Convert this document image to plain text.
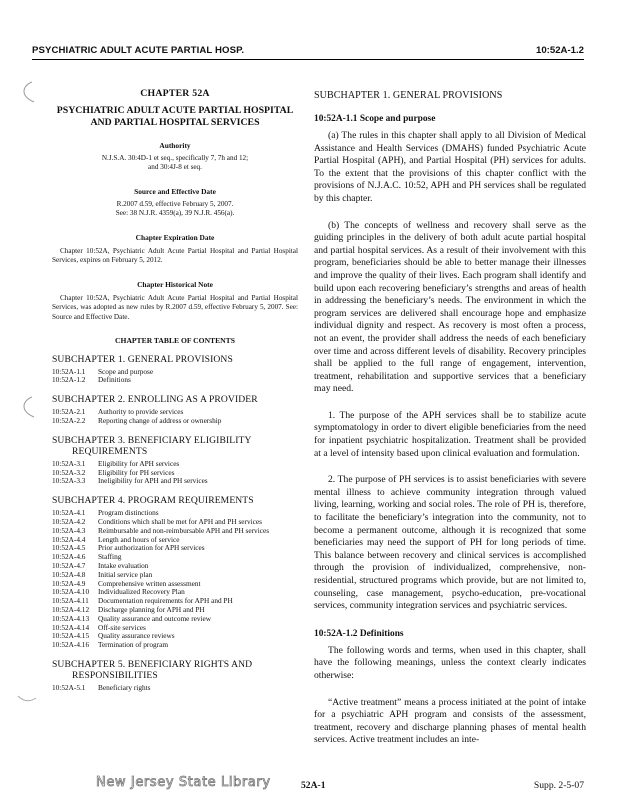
PSYCHIATRIC ADULT ACUTE PARTIAL HOSP.	10:52A-1.2
CHAPTER 52A
PSYCHIATRIC ADULT ACUTE PARTIAL HOSPITAL AND PARTIAL HOSPITAL SERVICES
Authority
N.J.S.A. 30:4D-1 et seq., specifically 7, 7h and 12;
and 30:4J-8 et seq.
Source and Effective Date
R.2007 d.59, effective February 5, 2007.
See: 38 N.J.R. 4359(a), 39 N.J.R. 456(a).
Chapter Expiration Date
Chapter 10:52A, Psychiatric Adult Acute Partial Hospital and Partial Hospital Services, expires on February 5, 2012.
Chapter Historical Note
Chapter 10:52A, Psychiatric Adult Acute Partial Hospital and Partial Hospital Services, was adopted as new rules by R.2007 d.59, effective February 5, 2007. See: Source and Effective Date.
CHAPTER TABLE OF CONTENTS
SUBCHAPTER 1. GENERAL PROVISIONS
10:52A-1.1	Scope and purpose
10:52A-1.2	Definitions
SUBCHAPTER 2. ENROLLING AS A PROVIDER
10:52A-2.1	Authority to provide services
10:52A-2.2	Reporting change of address or ownership
SUBCHAPTER 3. BENEFICIARY ELIGIBILITY
REQUIREMENTS
10:52A-3.1	Eligibility for APH services
10:52A-3.2	Eligibility for PH services
10:52A-3.3	Ineligibility for APH and PH services
SUBCHAPTER 4. PROGRAM REQUIREMENTS
10:52A-4.1	Program distinctions
10:52A-4.2	Conditions which shall be met for APH and PH services
10:52A-4.3	Reimbursable and non-reimbursable APH and PH services
10:52A-4.4	Length and hours of service
10:52A-4.5	Prior authorization for APH services
10:52A-4.6	Staffing
10:52A-4.7	Intake evaluation
10:52A-4.8	Initial service plan
10:52A-4.9	Comprehensive written assessment
10:52A-4.10	Individualized Recovery Plan
10:52A-4.11	Documentation requirements for APH and PH
10:52A-4.12	Discharge planning for APH and PH
10:52A-4.13	Quality assurance and outcome review
10:52A-4.14	Off-site services
10:52A-4.15	Quality assurance reviews
10:52A-4.16	Termination of program
SUBCHAPTER 5. BENEFICIARY RIGHTS AND
RESPONSIBILITIES
10:52A-5.1	Beneficiary rights
SUBCHAPTER 1. GENERAL PROVISIONS
10:52A-1.1 Scope and purpose
(a) The rules in this chapter shall apply to all Division of Medical Assistance and Health Services (DMAHS) funded Psychiatric Acute Partial Hospital (APH), and Partial Hospital (PH) services for adults. To the extent that the provisions of this chapter conflict with the provisions of N.J.A.C. 10:52, APH and PH services shall be regulated by this chapter.
(b) The concepts of wellness and recovery shall serve as the guiding principles in the delivery of both adult acute partial hospital and partial hospital services. As a result of their involvement with this program, beneficiaries should be able to better manage their illnesses and improve the quality of their lives. Each program shall identify and build upon each recovering beneficiary’s strengths and areas of health in addressing the beneficiary’s needs. The environment in which the program services are delivered shall encourage hope and emphasize individual dignity and respect. As recovery is most often a process, not an event, the provider shall address the needs of each beneficiary over time and across different levels of disability. Recovery principles shall be applied to the full range of engagement, intervention, treatment, rehabilitation and supportive services that a beneficiary may need.
1. The purpose of the APH services shall be to stabilize acute symptomatology in order to divert eligible beneficiaries from the need for inpatient psychiatric hospitalization. Treatment shall be provided at a level of intensity based upon clinical evaluation and formulation.
2. The purpose of PH services is to assist beneficiaries with severe mental illness to achieve community integration through valued living, learning, working and social roles. The role of PH is, therefore, to facilitate the beneficiary’s integration into the community, not to become a permanent outcome, although it is recognized that some beneficiaries may need the support of PH for long periods of time. This balance between recovery and clinical services is accomplished through the provision of individualized, comprehensive, non-residential, structured programs which provide, but are not limited to, counseling, case management, psycho-education, pre-vocational services, community integration services and psychiatric services.
10:52A-1.2 Definitions
The following words and terms, when used in this chapter, shall have the following meanings, unless the context clearly indicates otherwise:
“Active treatment” means a process initiated at the point of intake for a psychiatric APH program and consists of the assessment, treatment, recovery and discharge planning phases of mental health services. Active treatment includes an inte-
New Jersey State Library	52A-1	Supp. 2-5-07
